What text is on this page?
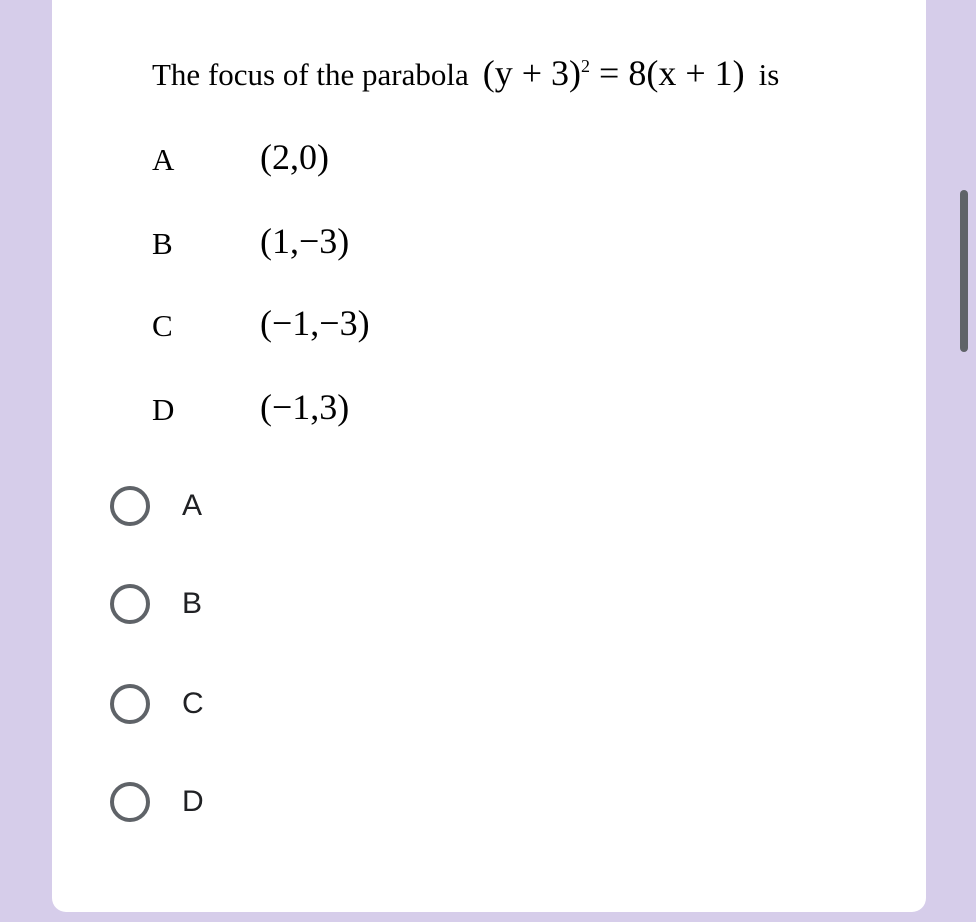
The focus of the parabola $(y + 3)^2 = 8(x + 1)$ is
A	(2,0)
B	(1,−3)
C	(−1,−3)
D	(−1,3)
A
B
C
D
